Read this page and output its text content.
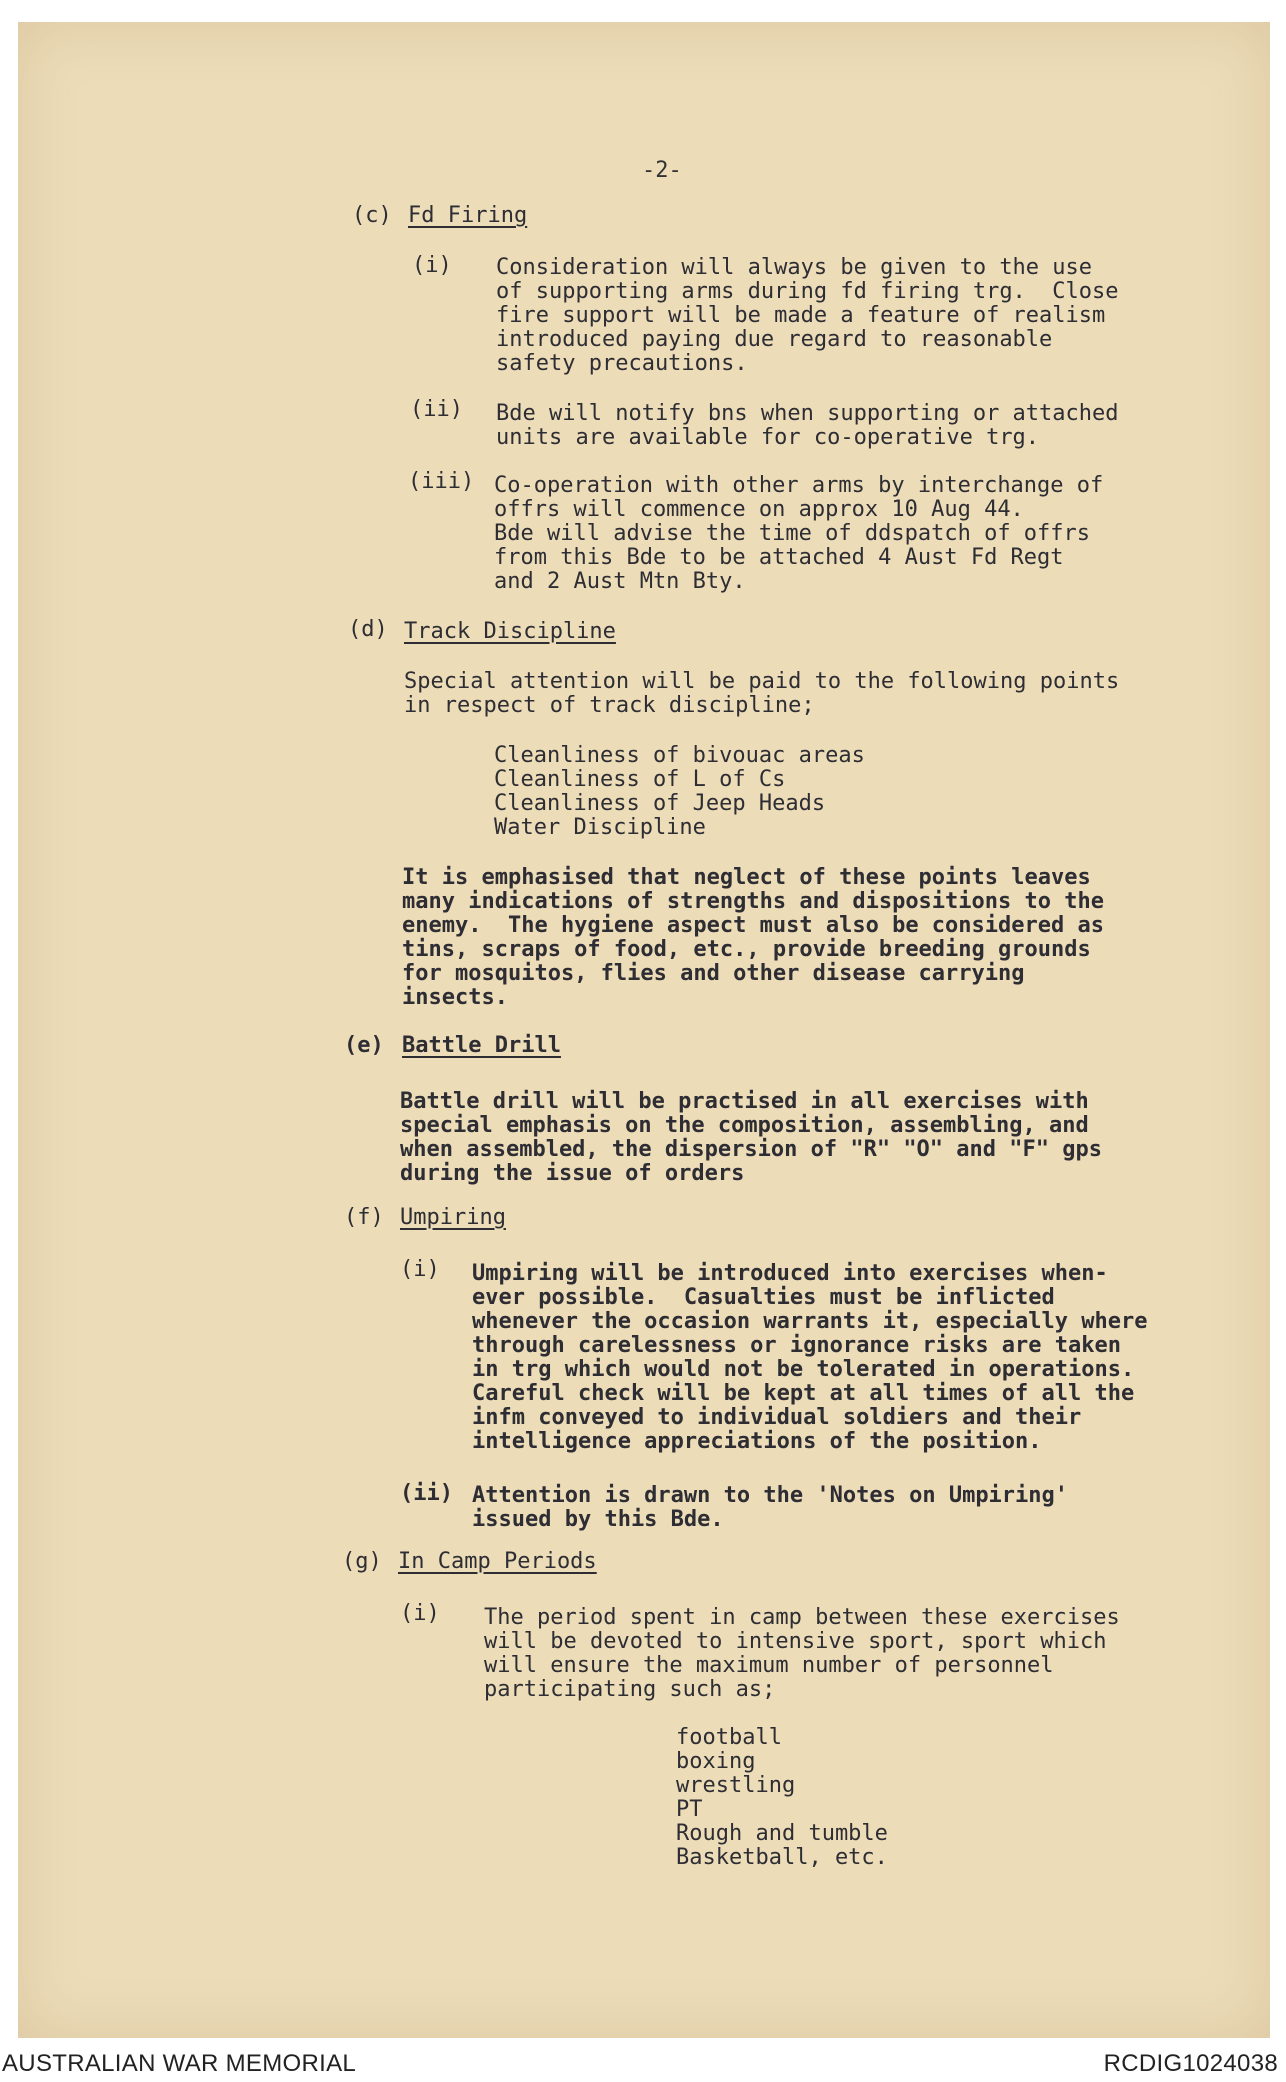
-2-
(c) Fd Firing
(i) Consideration will always be given to the use
of supporting arms during fd firing trg.  Close
fire support will be made a feature of realism
introduced paying due regard to reasonable
safety precautions.
(ii) Bde will notify bns when supporting or attached
units are available for co-operative trg.
(iii) Co-operation with other arms by interchange of
offrs will commence on approx 10 Aug 44.
Bde will advise the time of ddspatch of offrs
from this Bde to be attached 4 Aust Fd Regt
and 2 Aust Mtn Bty.
(d) Track Discipline
Special attention will be paid to the following points
in respect of track discipline;
Cleanliness of bivouac areas
Cleanliness of L of Cs
Cleanliness of Jeep Heads
Water Discipline
It is emphasised that neglect of these points leaves
many indications of strengths and dispositions to the
enemy.  The hygiene aspect must also be considered as
tins, scraps of food, etc., provide breeding grounds
for mosquitos, flies and other disease carrying
insects.
(e) Battle Drill
Battle drill will be practised in all exercises with
special emphasis on the composition, assembling, and
when assembled, the dispersion of "R" "O" and "F" gps
during the issue of orders
(f) Umpiring
(i) Umpiring will be introduced into exercises when-
ever possible.  Casualties must be inflicted
whenever the occasion warrants it, especially where
through carelessness or ignorance risks are taken
in trg which would not be tolerated in operations.
Careful check will be kept at all times of all the
infm conveyed to individual soldiers and their
intelligence appreciations of the position.
(ii) Attention is drawn to the 'Notes on Umpiring'
issued by this Bde.
(g) In Camp Periods
(i) The period spent in camp between these exercises
will be devoted to intensive sport, sport which
will ensure the maximum number of personnel
participating such as;
football
boxing
wrestling
PT
Rough and tumble
Basketball, etc.
AUSTRALIAN WAR MEMORIAL	RCDIG1024038
